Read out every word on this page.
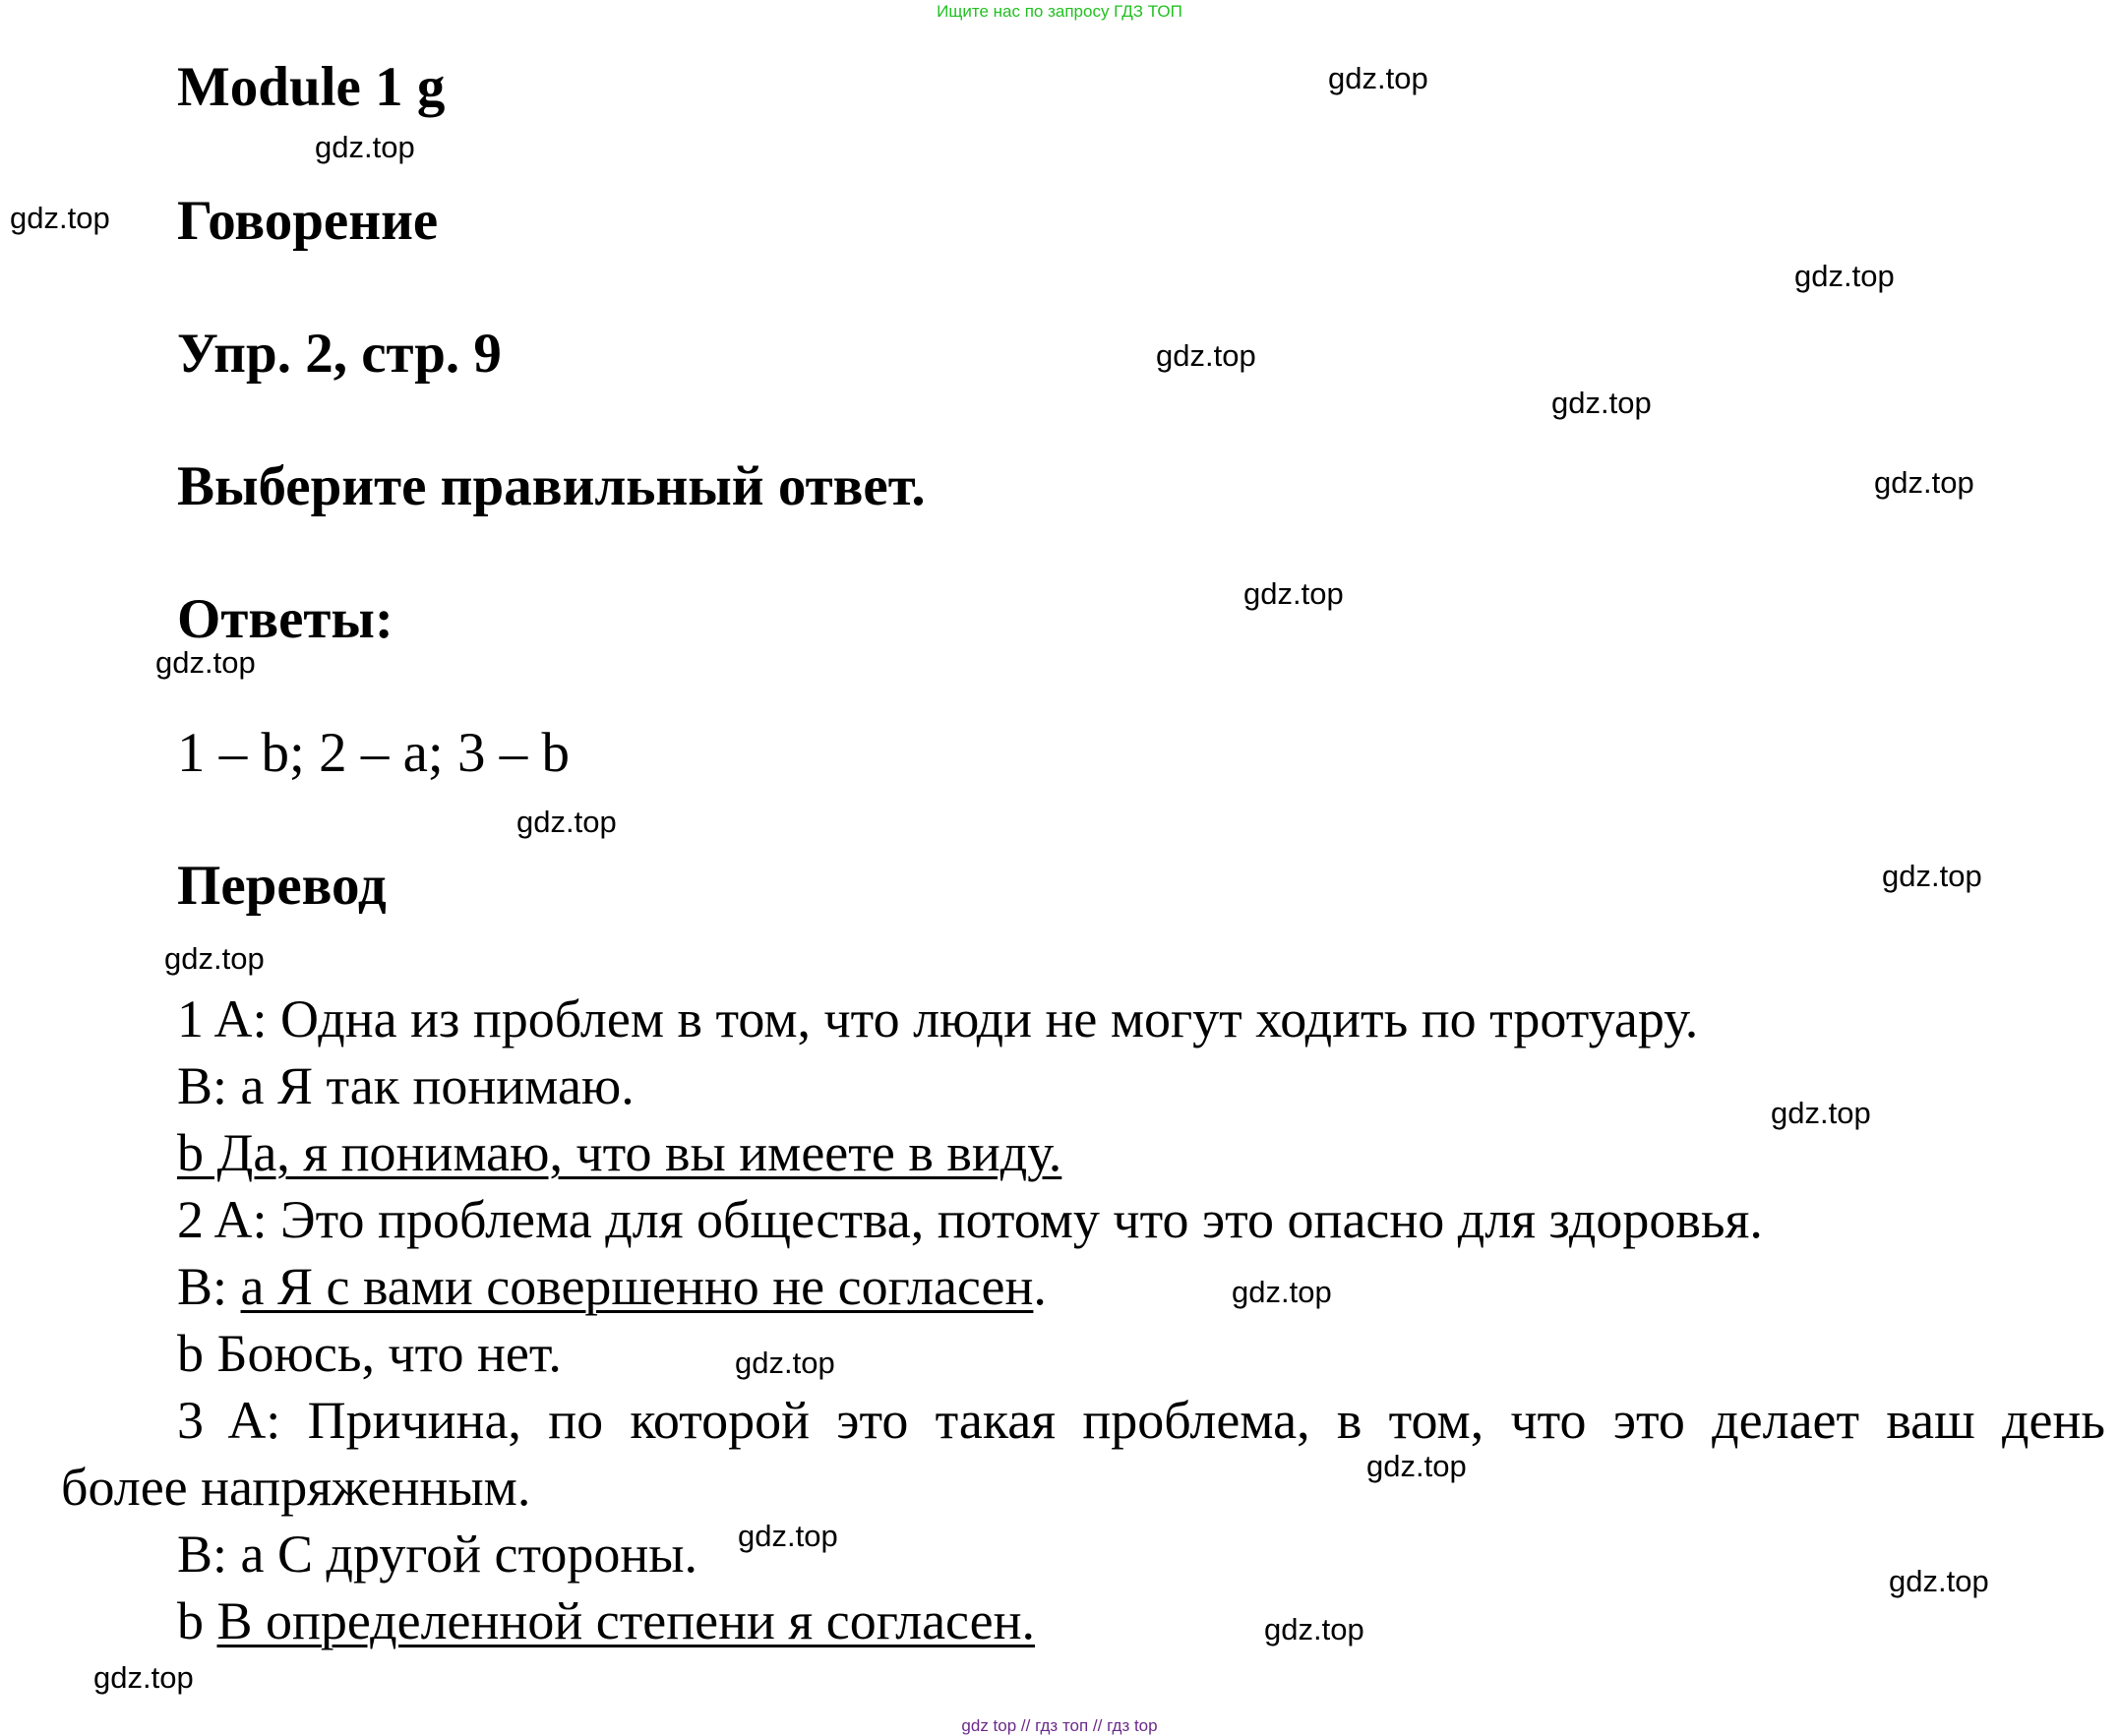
Ищите нас по запросу ГДЗ ТОП
Module 1 g
Говорение
Упр. 2, стр. 9
Выберите правильный ответ.
Ответы:
1 – b; 2 – a; 3 – b
Перевод
1 A: Одна из проблем в том, что люди не могут ходить по тротуару.
B: a Я так понимаю.
b Да, я понимаю, что вы имеете в виду.
2 A: Это проблема для общества, потому что это опасно для здоровья.
B: a Я с вами совершенно не согласен.
b Боюсь, что нет.
3 A: Причина, по которой это такая проблема, в том, что это делает ваш день
более напряженным.
B: a С другой стороны.
b В определенной степени я согласен.
gdz.top
gdz.top
gdz.top
gdz.top
gdz.top
gdz.top
gdz.top
gdz.top
gdz.top
gdz.top
gdz.top
gdz.top
gdz.top
gdz.top
gdz.top
gdz.top
gdz.top
gdz.top
gdz.top
gdz.top
gdz top // гдз топ // гдз top
